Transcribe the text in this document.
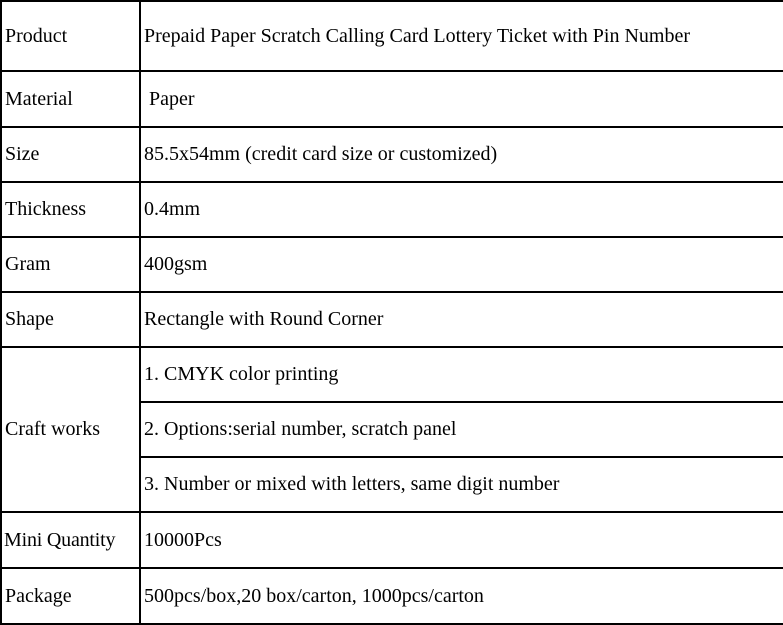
Product	Prepaid Paper Scratch Calling Card Lottery Ticket with Pin Number
Material	Paper
Size	85.5x54mm (credit card size or customized)
Thickness	0.4mm
Gram	400gsm
Shape	Rectangle with Round Corner
Craft works	1. CMYK color printing
	2. Options:serial number, scratch panel
	3. Number or mixed with letters, same digit number
Mini Quantity	10000Pcs
Package	500pcs/box,20 box/carton, 1000pcs/carton
